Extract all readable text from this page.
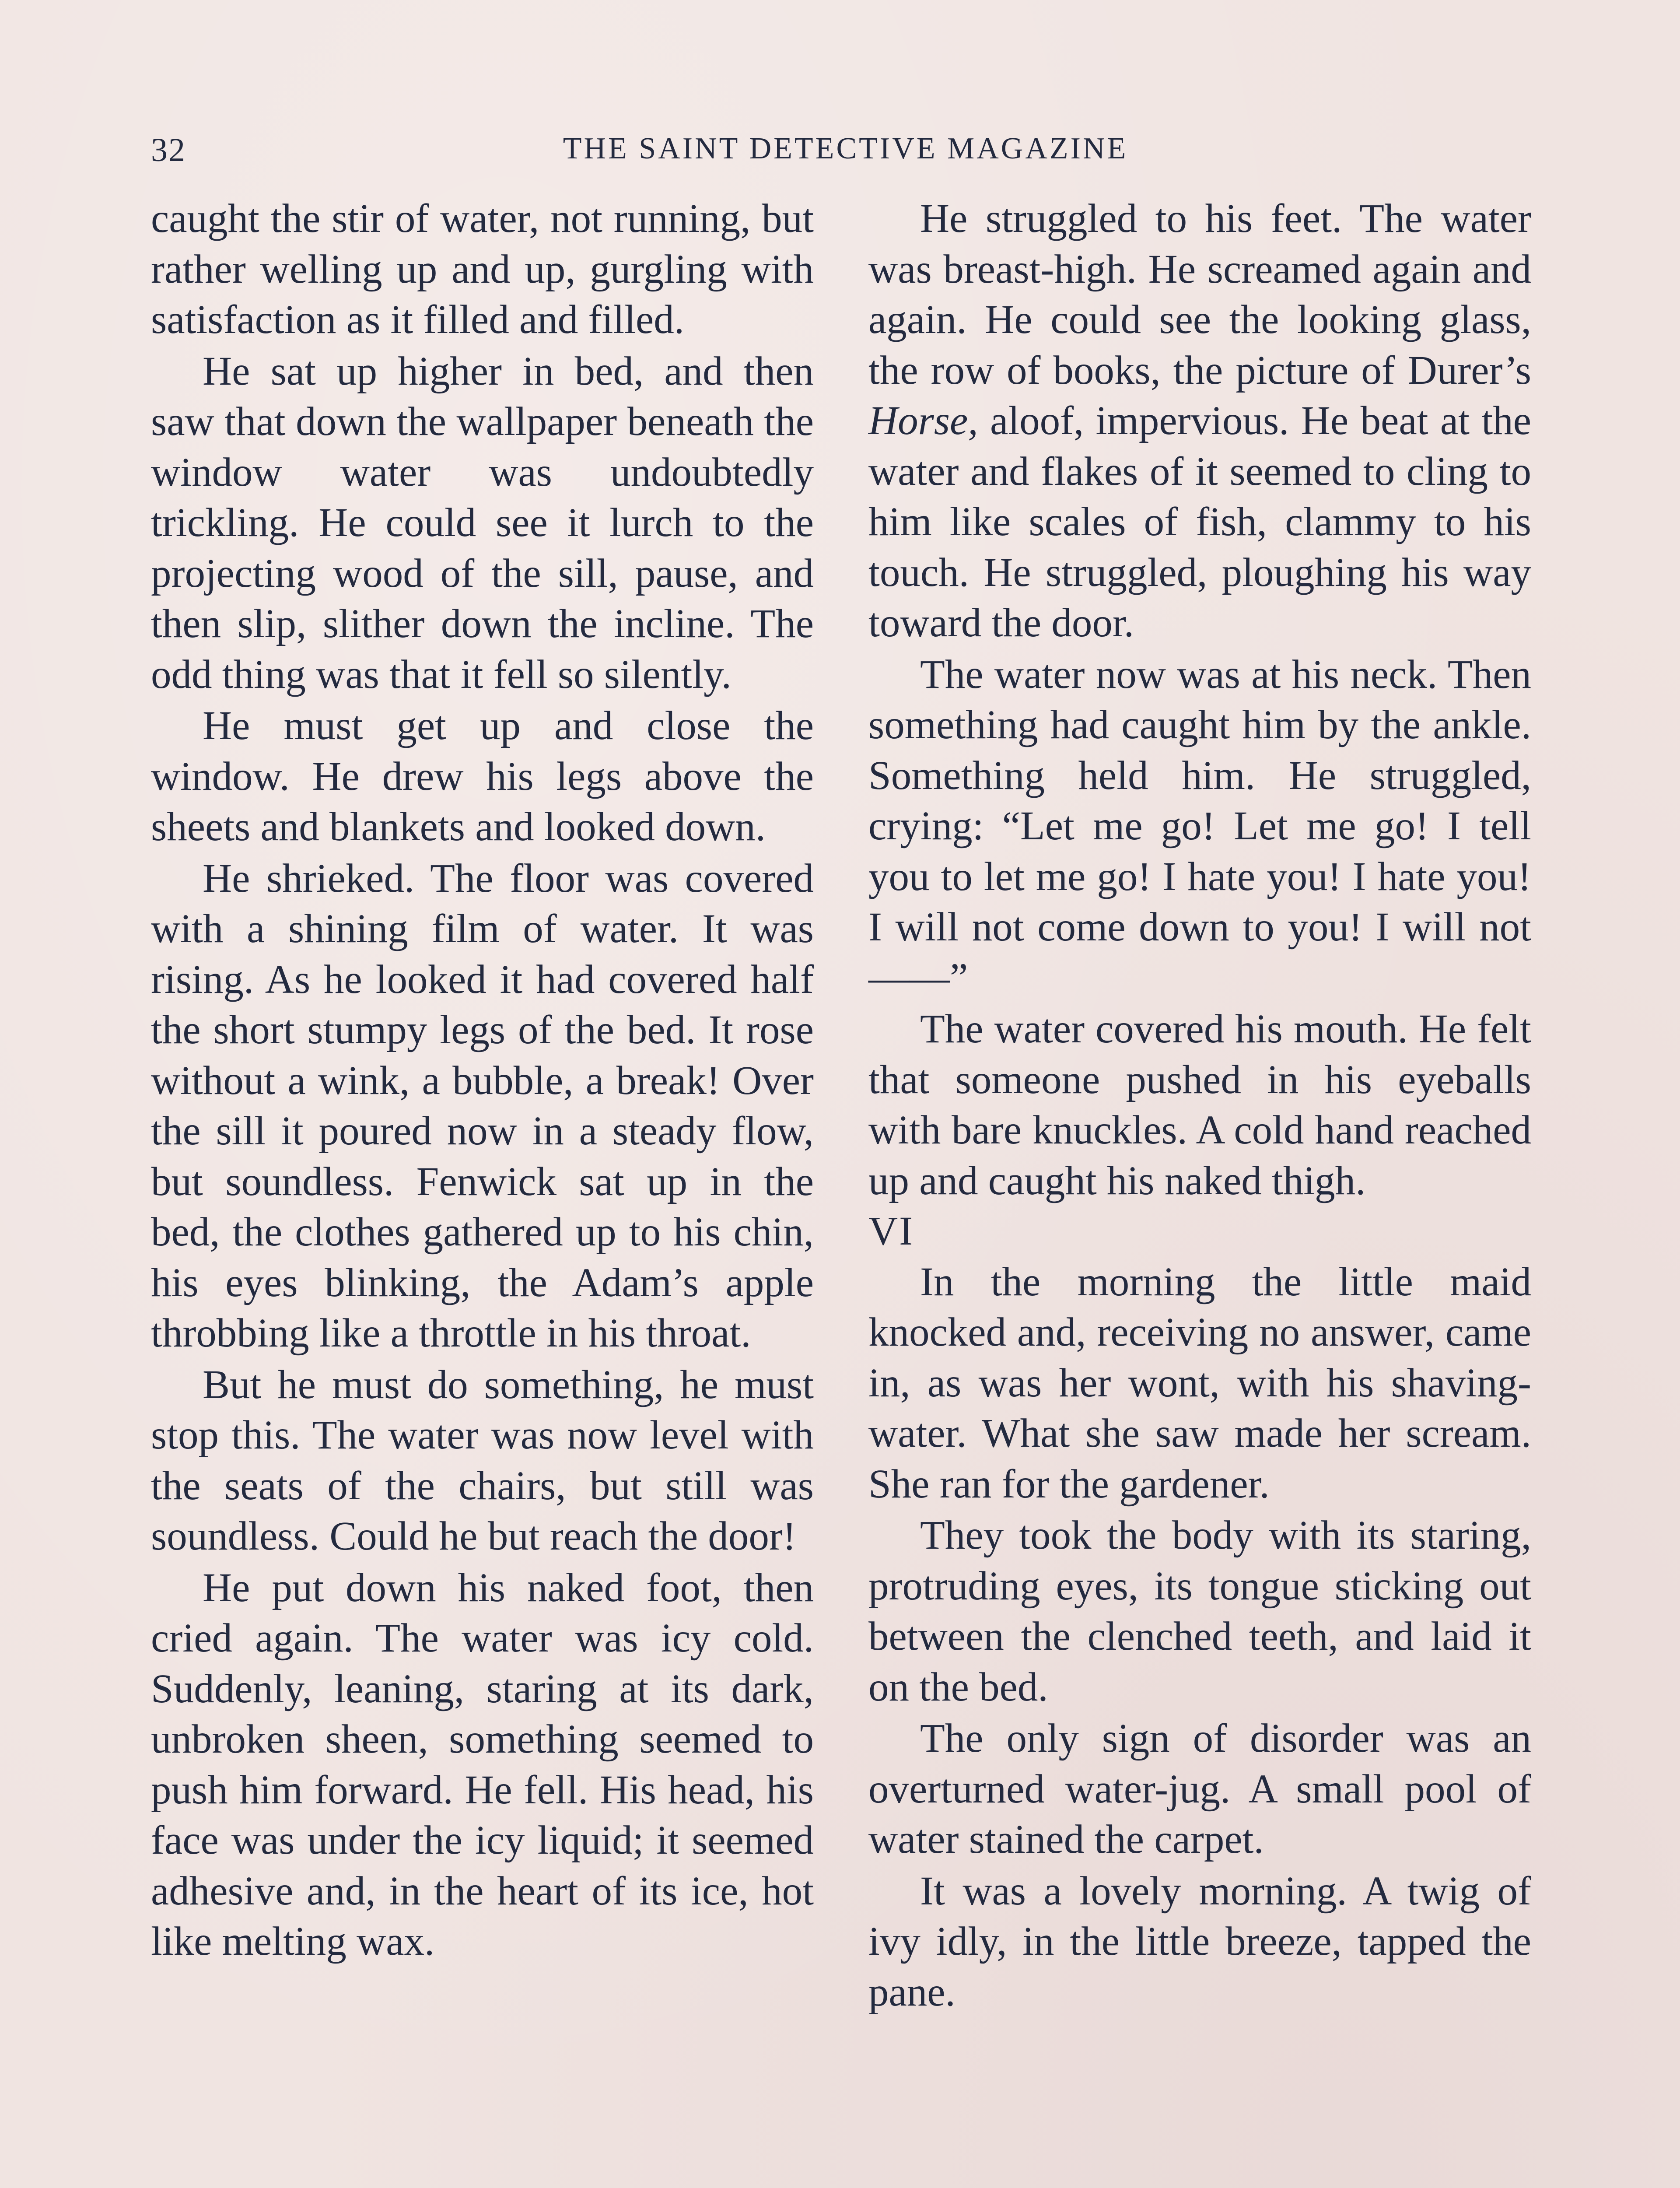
32	THE SAINT DETECTIVE MAGAZINE

caught the stir of water, not running, but rather welling up and up, gurgling with satisfaction as it filled and filled.

He sat up higher in bed, and then saw that down the wallpaper beneath the window water was undoubtedly trickling. He could see it lurch to the projecting wood of the sill, pause, and then slip, slither down the incline. The odd thing was that it fell so silently.

He must get up and close the window. He drew his legs above the sheets and blankets and looked down.

He shrieked. The floor was covered with a shining film of water. It was rising. As he looked it had covered half the short stumpy legs of the bed. It rose without a wink, a bubble, a break! Over the sill it poured now in a steady flow, but soundless. Fenwick sat up in the bed, the clothes gathered up to his chin, his eyes blinking, the Adam’s apple throbbing like a throttle in his throat.

But he must do something, he must stop this. The water was now level with the seats of the chairs, but still was soundless. Could he but reach the door!

He put down his naked foot, then cried again. The water was icy cold. Suddenly, leaning, staring at its dark, unbroken sheen, something seemed to push him forward. He fell. His head, his face was under the icy liquid; it seemed adhesive and, in the heart of its ice, hot like melting wax.

He struggled to his feet. The water was breast-high. He screamed again and again. He could see the looking glass, the row of books, the picture of Durer’s Horse, aloof, impervious. He beat at the water and flakes of it seemed to cling to him like scales of fish, clammy to his touch. He struggled, ploughing his way toward the door.

The water now was at his neck. Then something had caught him by the ankle. Something held him. He struggled, crying: “Let me go! Let me go! I tell you to let me go! I hate you! I hate you! I will not come down to you! I will not——”

The water covered his mouth. He felt that someone pushed in his eyeballs with bare knuckles. A cold hand reached up and caught his naked thigh.

VI

In the morning the little maid knocked and, receiving no answer, came in, as was her wont, with his shaving-water. What she saw made her scream. She ran for the gardener.

They took the body with its staring, protruding eyes, its tongue sticking out between the clenched teeth, and laid it on the bed.

The only sign of disorder was an overturned water-jug. A small pool of water stained the carpet.

It was a lovely morning. A twig of ivy idly, in the little breeze, tapped the pane.
